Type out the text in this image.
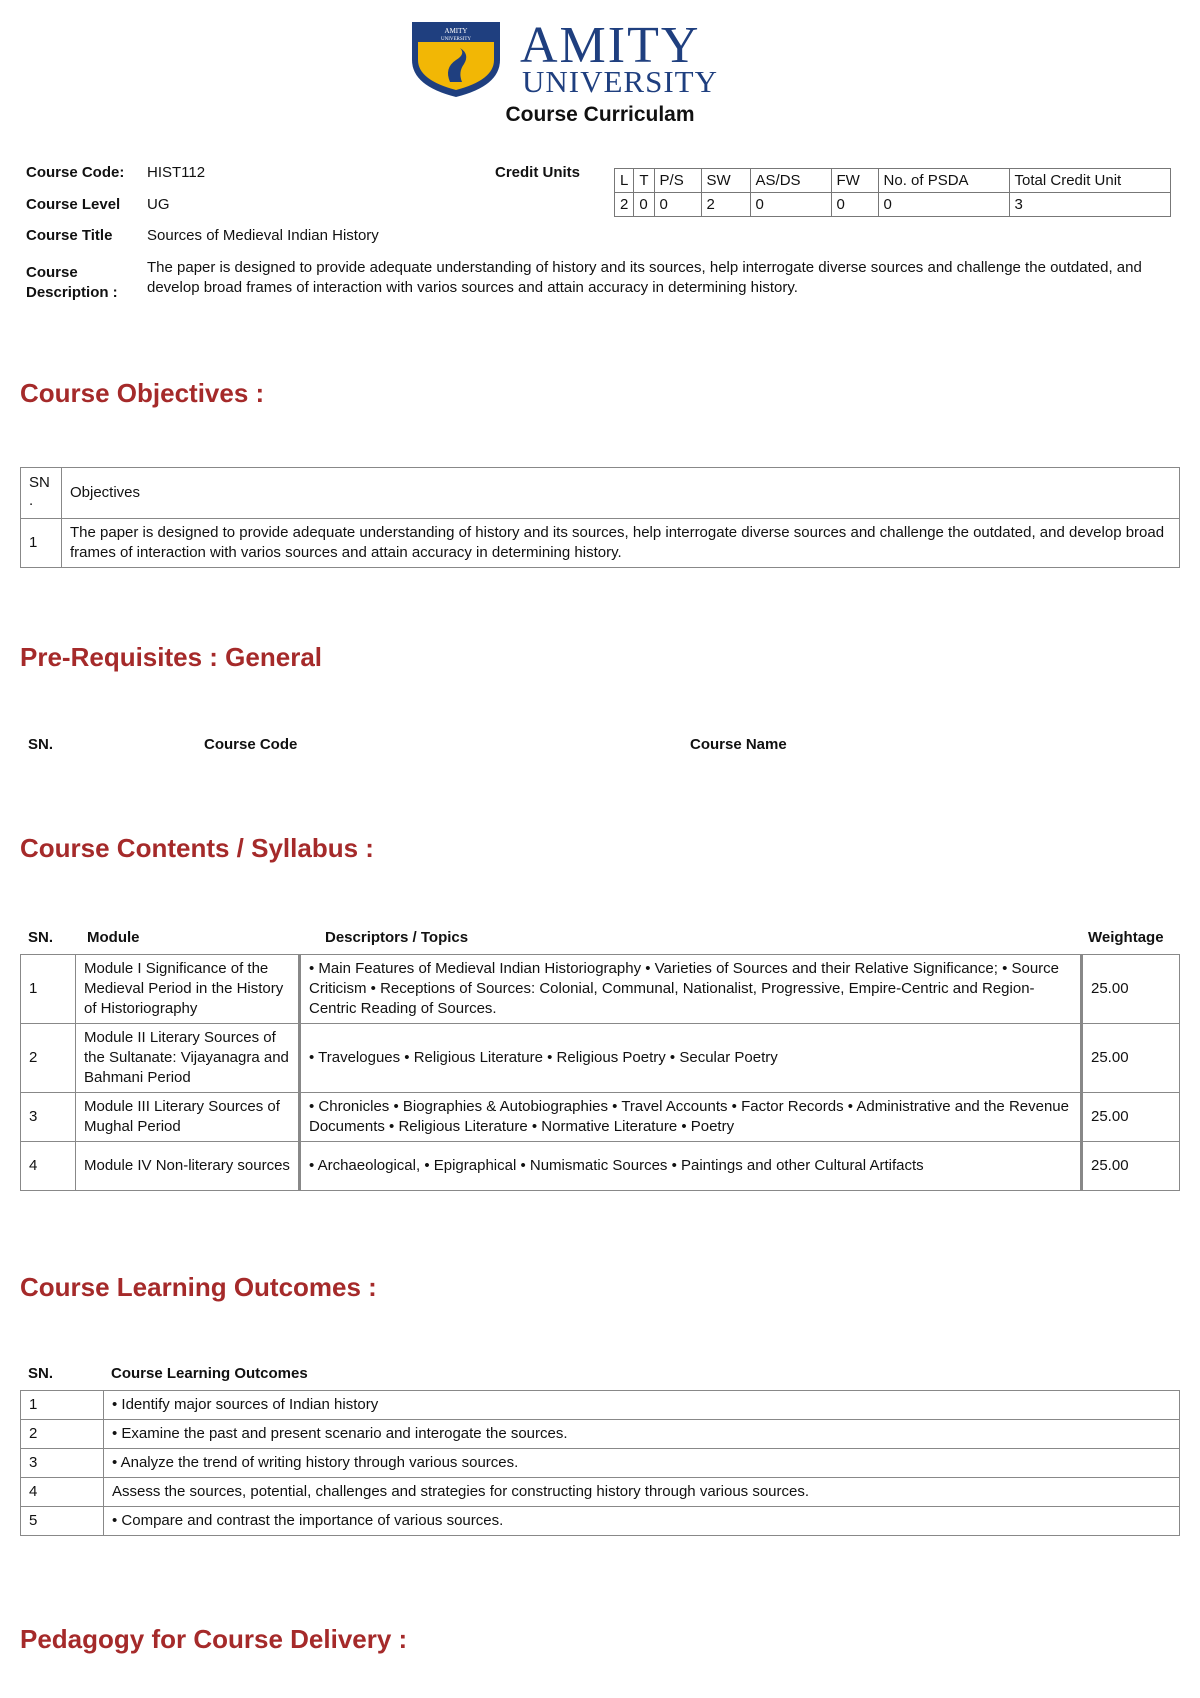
AMITY
UNIVERSITY AMITY
UNIVERSITY
Course Curriculam
Course Code: HIST112
Course Level UG
Course Title Sources of Medieval Indian History
Course
Description :
The paper is designed to provide adequate understanding of history and its sources, help interrogate diverse sources and challenge the outdated, and develop broad frames of interaction with varios sources and attain accuracy in determining history.
Credit Units	L	T	P/S	SW	AS/DS	FW	No. of PSDA	Total Credit Unit
2	0	0	2	0	0	0	3
Course Objectives :
SN .	Objectives
1	The paper is designed to provide adequate understanding of history and its sources, help interrogate diverse sources and challenge the outdated, and develop broad frames of interaction with varios sources and attain accuracy in determining history.
Pre-Requisites : General
SN.	Course Code	Course Name
Course Contents / Syllabus :
SN. Module	Descriptors / Topics	Weightage
1	Module I Significance of the Medieval Period in the History of Historiography	• Main Features of Medieval Indian Historiography • Varieties of Sources and their Relative Significance; • Source Criticism • Receptions of Sources: Colonial, Communal, Nationalist, Progressive, Empire-Centric and Region-Centric Reading of Sources.	25.00
2	Module II Literary Sources of the Sultanate: Vijayanagra and Bahmani Period	• Travelogues • Religious Literature • Religious Poetry • Secular Poetry	25.00
3	Module III Literary Sources of Mughal Period	• Chronicles • Biographies & Autobiographies • Travel Accounts • Factor Records • Administrative and the Revenue Documents • Religious Literature • Normative Literature • Poetry	25.00
4	Module IV Non-literary sources	• Archaeological, • Epigraphical • Numismatic Sources • Paintings and other Cultural Artifacts	25.00
Course Learning Outcomes :
SN.	Course Learning Outcomes
1	• Identify major sources of Indian history
2	• Examine the past and present scenario and interogate the sources.
3	• Analyze the trend of writing history through various sources.
4	Assess the sources, potential, challenges and strategies for constructing history through various sources.
5	• Compare and contrast the importance of various sources.
Pedagogy for Course Delivery :
